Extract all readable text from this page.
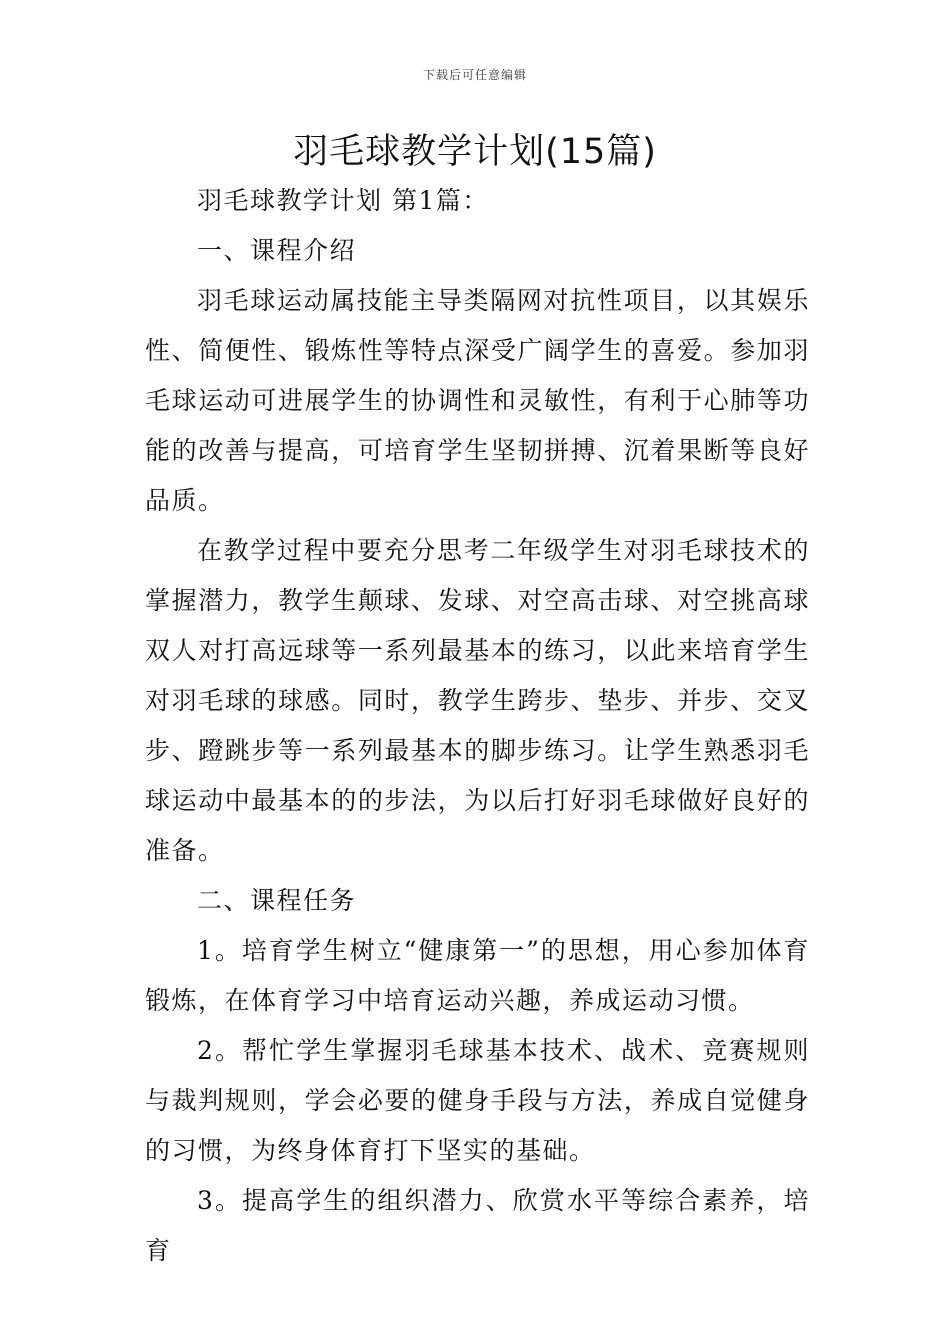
下载后可任意编辑
羽毛球教学计划(15篇)

羽毛球教学计划 第1篇：

一、课程介绍

羽毛球运动属技能主导类隔网对抗性项目，以其娱乐性、简便性、锻炼性等特点深受广阔学生的喜爱。参加羽毛球运动可进展学生的协调性和灵敏性，有利于心肺等功能的改善与提高，可培育学生坚韧拼搏、沉着果断等良好品质。

在教学过程中要充分思考二年级学生对羽毛球技术的掌握潜力，教学生颠球、发球、对空高击球、对空挑高球双人对打高远球等一系列最基本的练习，以此来培育学生对羽毛球的球感。同时，教学生跨步、垫步、并步、交叉步、蹬跳步等一系列最基本的脚步练习。让学生熟悉羽毛球运动中最基本的的步法，为以后打好羽毛球做好良好的准备。

二、课程任务

1。培育学生树立“健康第一”的思想，用心参加体育锻炼，在体育学习中培育运动兴趣，养成运动习惯。

2。帮忙学生掌握羽毛球基本技术、战术、竞赛规则与裁判规则，学会必要的健身手段与方法，养成自觉健身的习惯，为终身体育打下坚实的基础。

3。提高学生的组织潜力、欣赏水平等综合素养，培育
